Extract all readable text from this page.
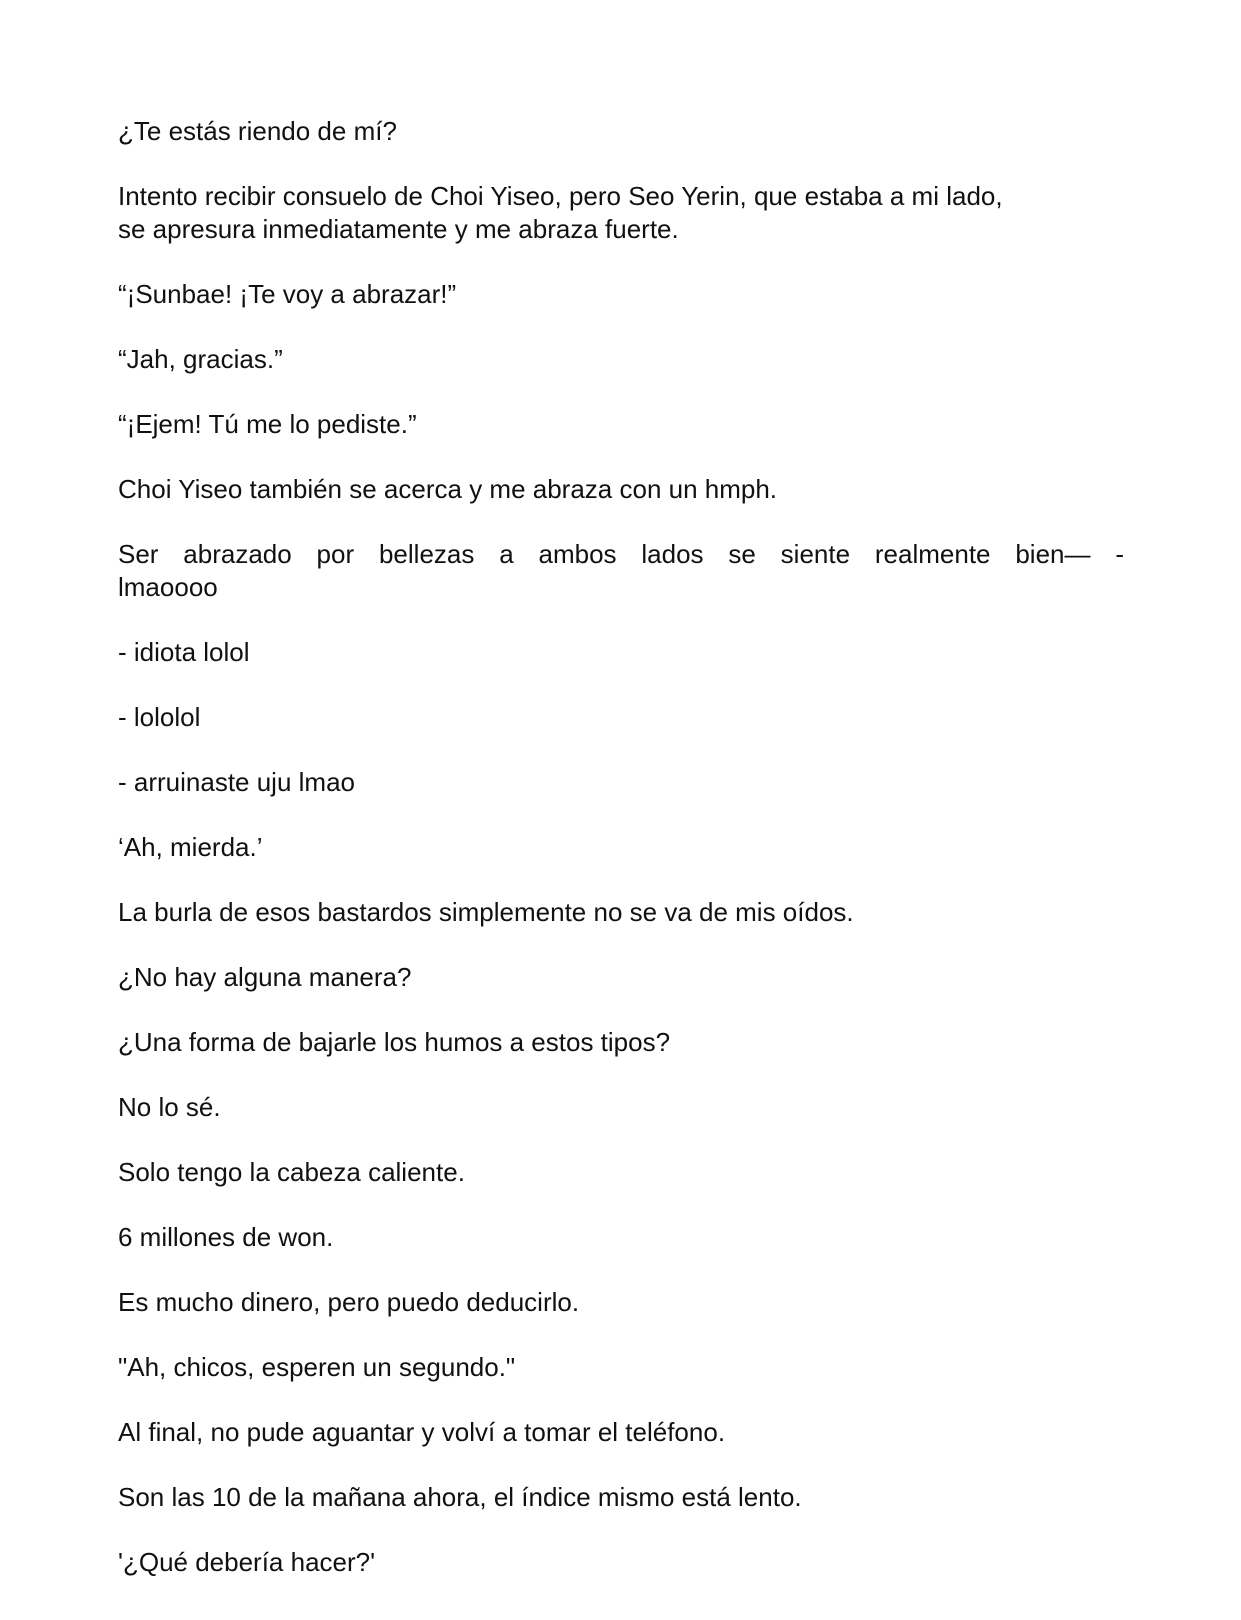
¿Te estás riendo de mí?

Intento recibir consuelo de Choi Yiseo, pero Seo Yerin, que estaba a mi lado,

se apresura inmediatamente y me abraza fuerte.

“¡Sunbae! ¡Te voy a abrazar!”

“Jah, gracias.”

“¡Ejem! Tú me lo pediste.”

Choi Yiseo también se acerca y me abraza con un hmph.

Ser abrazado por bellezas a ambos lados se siente realmente bien— -

lmaoooo

- idiota lolol

- lololol

- arruinaste uju lmao

‘Ah, mierda.’

La burla de esos bastardos simplemente no se va de mis oídos.

¿No hay alguna manera?

¿Una forma de bajarle los humos a estos tipos?

No lo sé.

Solo tengo la cabeza caliente.

6 millones de won.

Es mucho dinero, pero puedo deducirlo.

"Ah, chicos, esperen un segundo."

Al final, no pude aguantar y volví a tomar el teléfono.

Son las 10 de la mañana ahora, el índice mismo está lento.

'¿Qué debería hacer?'
